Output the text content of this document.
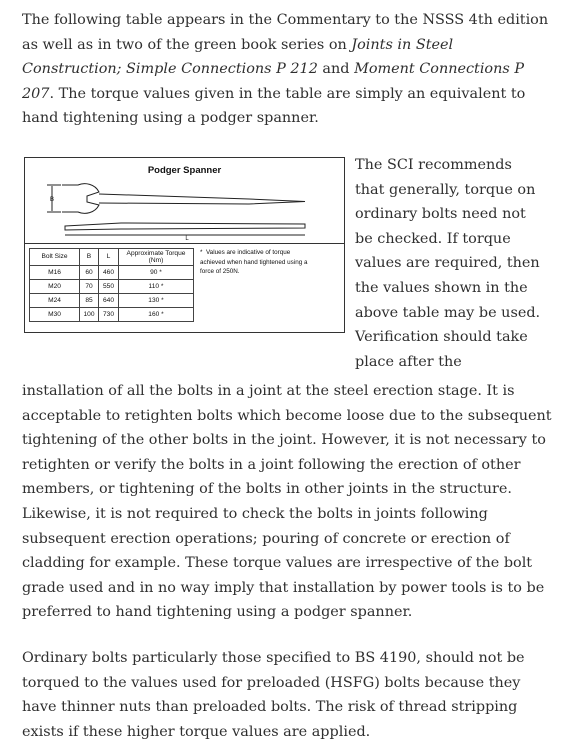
The following table appears in the Commentary to the NSSS 4th edition as well as in two of the green book series on Joints in Steel Construction; Simple Connections P 212 and Moment Connections P 207. The torque values given in the table are simply an equivalent to hand tightening using a podger spanner.

Podger Spanner
B
L
Bolt Size	B	L	Approximate Torque (Nm)	* Values are indicative of torque achieved when hand tightened using a force of 250N.
M16	60	460	90 *	
M20	70	550	110 *	
M24	85	640	130 *	
M30	100	730	160 *	
The SCI recommends
that generally, torque on
ordinary bolts need not
be checked. If torque
values are required, then
the values shown in the
above table may be used.
Verification should take
place after the

installation of all the bolts in a joint at the steel erection stage. It is acceptable to retighten bolts which become loose due to the subsequent tightening of the other bolts in the joint. However, it is not necessary to retighten or verify the bolts in a joint following the erection of other members, or tightening of the bolts in other joints in the structure. Likewise, it is not required to check the bolts in joints following subsequent erection operations; pouring of concrete or erection of cladding for example. These torque values are irrespective of the bolt grade used and in no way imply that installation by power tools is to be preferred to hand tightening using a podger spanner.

Ordinary bolts particularly those specified to BS 4190, should not be torqued to the values used for preloaded (HSFG) bolts because they have thinner nuts than preloaded bolts. The risk of thread stripping exists if these higher torque values are applied.
